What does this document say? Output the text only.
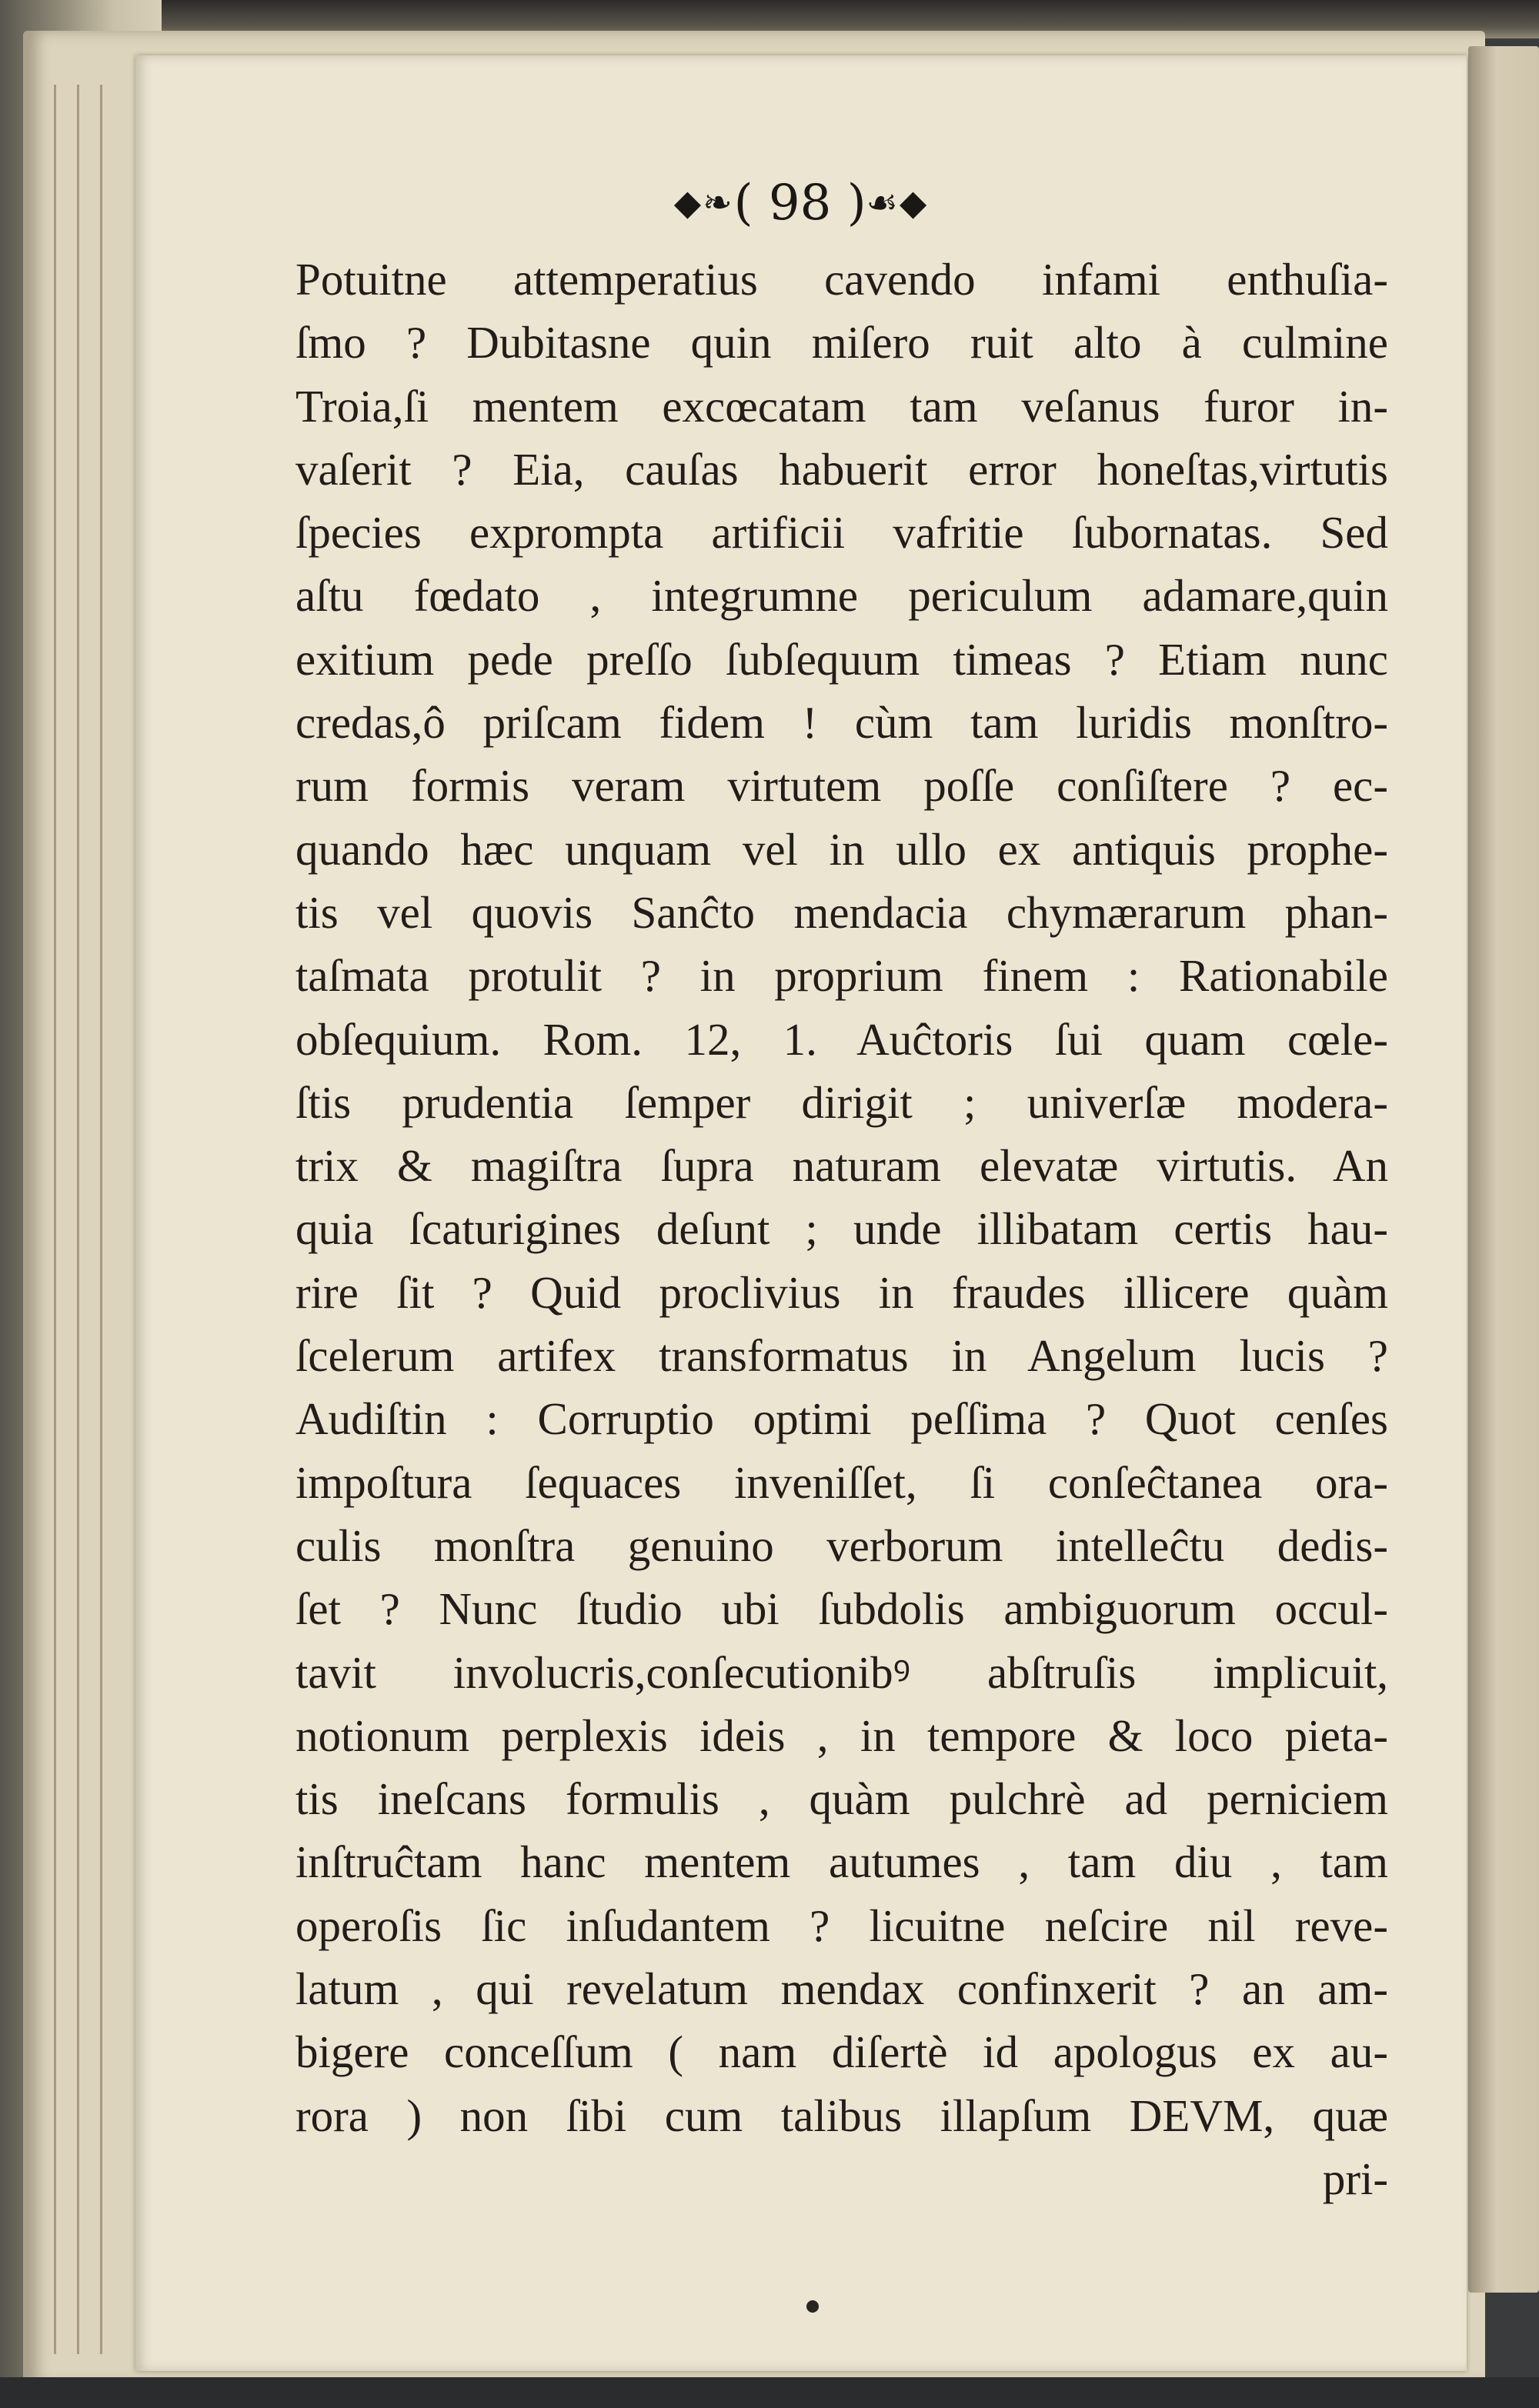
◆❧( 98 )☙◆
Potuitne attemperatius cavendo infami enthuſia-
ſmo ? Dubitasne quin miſero ruit alto à culmine
Troia,ſi mentem excœcatam tam veſanus furor in-
vaſerit ? Eia, cauſas habuerit error honeſtas,virtutis
ſpecies exprompta artificii vafritie ſubornatas. Sed
aſtu fœdato , integrumne periculum adamare,quin
exitium pede preſſo ſubſequum timeas ? Etiam nunc
credas,ô priſcam fidem ! cùm tam luridis monſtro-
rum formis veram virtutem poſſe conſiſtere ? ec-
quando hæc unquam vel in ullo ex antiquis prophe-
tis vel quovis Sanĉto mendacia chymærarum phan-
taſmata protulit ? in proprium finem : Rationabile
obſequium. Rom. 12, 1. Auĉtoris ſui quam cœle-
ſtis prudentia ſemper dirigit ; univerſæ modera-
trix & magiſtra ſupra naturam elevatæ virtutis. An
quia ſcaturigines deſunt ; unde illibatam certis hau-
rire ſit ? Quid proclivius in fraudes illicere quàm
ſcelerum artifex transformatus in Angelum lucis ?
Audiſtin : Corruptio optimi peſſima ? Quot cenſes
impoſtura ſequaces inveniſſet, ſi conſeĉtanea ora-
culis monſtra genuino verborum intelleĉtu dedis-
ſet ? Nunc ſtudio ubi ſubdolis ambiguorum occul-
tavit involucris,conſecutionibꝰ abſtruſis implicuit,
notionum perplexis ideis , in tempore & loco pieta-
tis ineſcans formulis , quàm pulchrè ad perniciem
inſtruĉtam hanc mentem autumes , tam diu , tam
operoſis ſic inſudantem ? licuitne neſcire nil reve-
latum , qui revelatum mendax confinxerit ? an am-
bigere conceſſum ( nam diſertè id apologus ex au-
rora ) non ſibi cum talibus illapſum DEVM, quæ
pri-
